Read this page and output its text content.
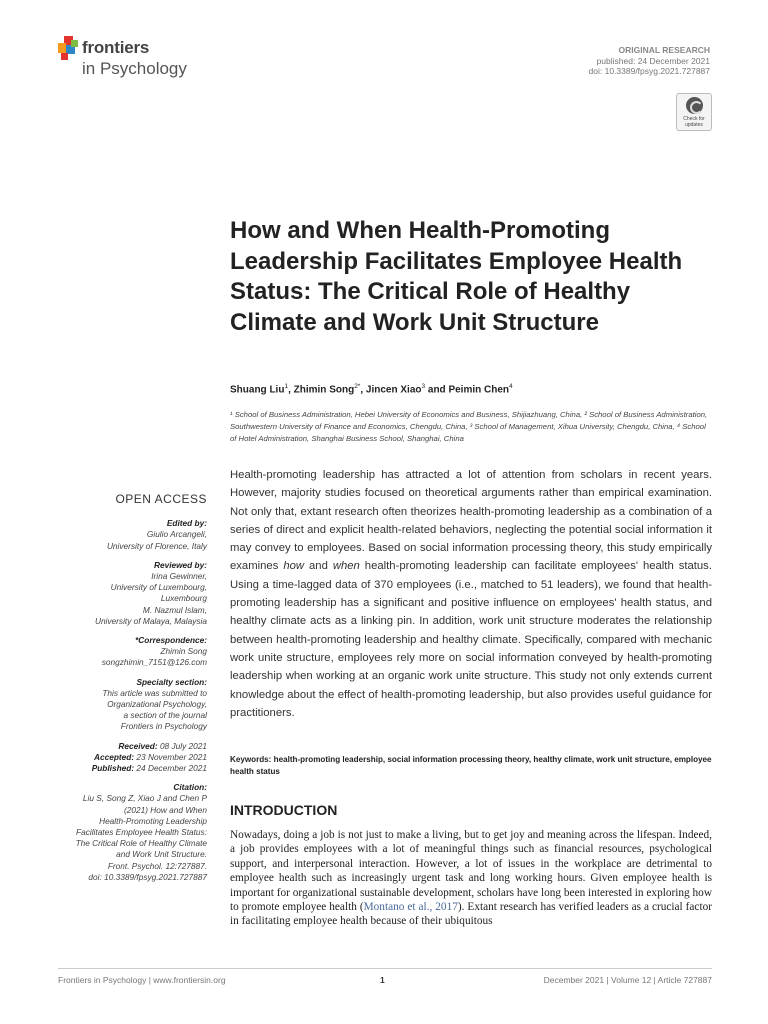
frontiers
in Psychology
ORIGINAL RESEARCH
published: 24 December 2021
doi: 10.3389/fpsyg.2021.727887
Check for updates
How and When Health-Promoting Leadership Facilitates Employee Health Status: The Critical Role of Healthy Climate and Work Unit Structure
Shuang Liu$^1$, Zhimin Song$^{2*}$, Jincen Xiao$^3$ and Peimin Chen$^4$
¹ School of Business Administration, Hebei University of Economics and Business, Shijiazhuang, China, ² School of Business Administration, Southwestern University of Finance and Economics, Chengdu, China, ³ School of Management, Xihua University, Chengdu, China, ⁴ School of Hotel Administration, Shanghai Business School, Shanghai, China
OPEN ACCESS
Edited by:
Giulio Arcangeli,
University of Florence, Italy
Reviewed by:
Irina Gewinner,
University of Luxembourg,
Luxembourg
M. Nazmul Islam,
University of Malaya, Malaysia
*Correspondence:
Zhimin Song
songzhimin_7151@126.com
Specialty section:
This article was submitted to
Organizational Psychology,
a section of the journal
Frontiers in Psychology
Received: 08 July 2021
Accepted: 23 November 2021
Published: 24 December 2021
Citation:
Liu S, Song Z, Xiao J and Chen P
(2021) How and When
Health-Promoting Leadership
Facilitates Employee Health Status:
The Critical Role of Healthy Climate
and Work Unit Structure.
Front. Psychol. 12:727887.
doi: 10.3389/fpsyg.2021.727887
Health-promoting leadership has attracted a lot of attention from scholars in recent years. However, majority studies focused on theoretical arguments rather than empirical examination. Not only that, extant research often theorizes health-promoting leadership as a combination of a series of direct and explicit health-related behaviors, neglecting the potential social information it may convey to employees. Based on social information processing theory, this study empirically examines how and when health-promoting leadership can facilitate employees' health status. Using a time-lagged data of 370 employees (i.e., matched to 51 leaders), we found that health-promoting leadership has a significant and positive influence on employees' health status, and healthy climate acts as a linking pin. In addition, work unit structure moderates the relationship between health-promoting leadership and healthy climate. Specifically, compared with mechanic work unite structure, employees rely more on social information conveyed by health-promoting leadership when working at an organic work unite structure. This study not only extends current knowledge about the effect of health-promoting leadership, but also provides useful guidance for practitioners.
Keywords: health-promoting leadership, social information processing theory, healthy climate, work unit structure, employee health status
INTRODUCTION
Nowadays, doing a job is not just to make a living, but to get joy and meaning across the lifespan. Indeed, a job provides employees with a lot of meaningful things such as financial resources, psychological support, and interpersonal interaction. However, a lot of issues in the workplace are detrimental to employee health such as increasingly urgent task and long working hours. Given employee health is important for organizational sustainable development, scholars have long been interested in exploring how to promote employee health (Montano et al., 2017). Extant research has verified leaders as a crucial factor in facilitating employee health because of their ubiquitous
Frontiers in Psychology | www.frontiersin.org	1	December 2021 | Volume 12 | Article 727887
